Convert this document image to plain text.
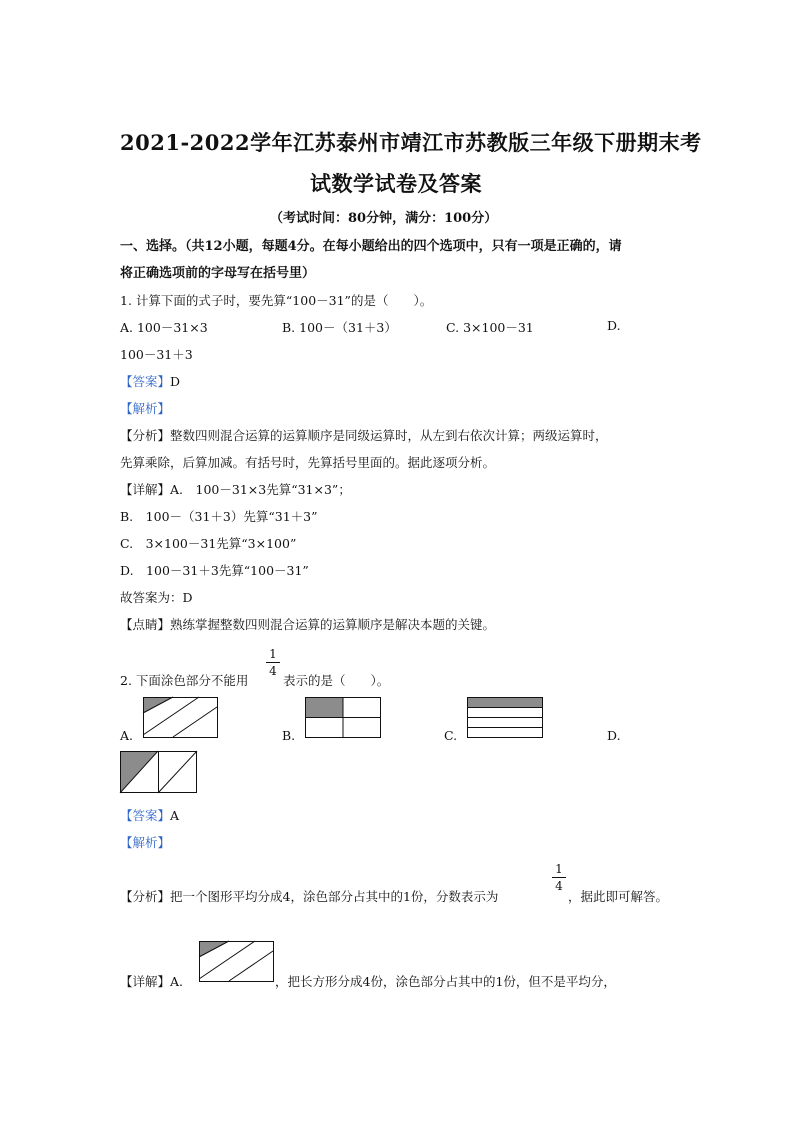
2021-2022学年江苏泰州市靖江市苏教版三年级下册期末考
试数学试卷及答案
（考试时间：80分钟，满分：100分）
一、选择。（共12小题，每题4分。在每小题给出的四个选项中，只有一项是正确的，请
将正确选项前的字母写在括号里）
1. 计算下面的式子时，要先算“100－31”的是（　　）。
A. 100－31×3	B. 100－（31＋3）	C. 3×100－31	D.
100－31＋3
【答案】D
【解析】
【分析】整数四则混合运算的运算顺序是同级运算时，从左到右依次计算；两级运算时，
先算乘除，后算加减。有括号时，先算括号里面的。据此逐项分析。
【详解】A.　100－31×3先算“31×3”；
B.　100－（31＋3）先算“31＋3”
C.　3×100－31先算“3×100”
D.　100－31＋3先算“100－31”
故答案为：D
【点睛】熟练掌握整数四则混合运算的运算顺序是解决本题的关键。
2. 下面涂色部分不能用
1
4
表示的是（　　）。
A.	B.	C.	D.
【答案】A
【解析】
【分析】把一个图形平均分成4，涂色部分占其中的1份，分数表示为
1
4
，据此即可解答。
【详解】A.	，把长方形分成4份，涂色部分占其中的1份，但不是平均分，
